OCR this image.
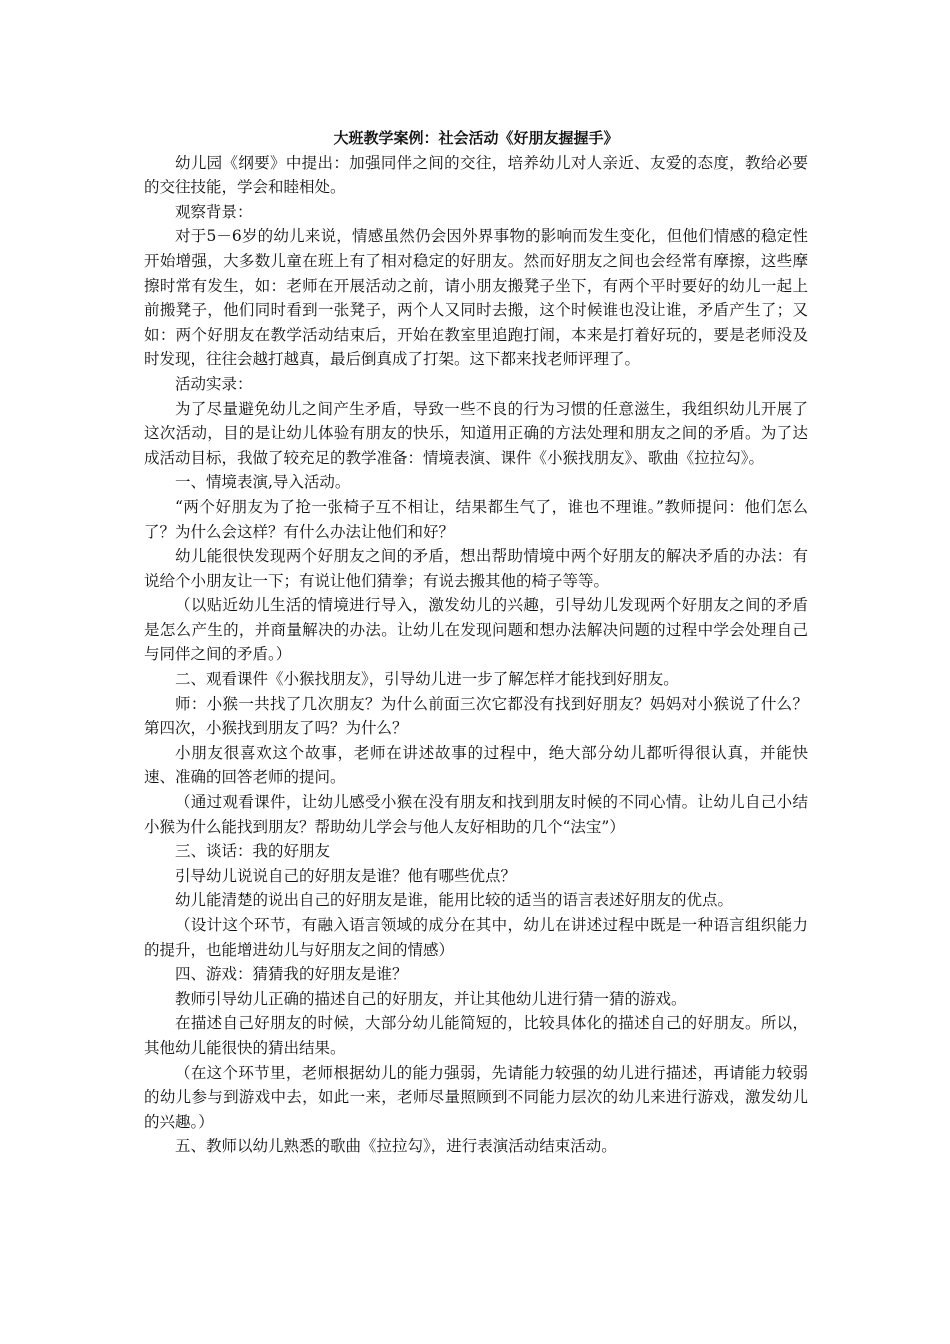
大班教学案例：社会活动《好朋友握握手》

幼儿园《纲要》中提出：加强同伴之间的交往，培养幼儿对人亲近、友爱的态度，教给必要的交往技能，学会和睦相处。

观察背景：

对于5－6岁的幼儿来说，情感虽然仍会因外界事物的影响而发生变化，但他们情感的稳定性开始增强，大多数儿童在班上有了相对稳定的好朋友。然而好朋友之间也会经常有摩擦，这些摩擦时常有发生，如：老师在开展活动之前，请小朋友搬凳子坐下，有两个平时要好的幼儿一起上前搬凳子，他们同时看到一张凳子，两个人又同时去搬，这个时候谁也没让谁，矛盾产生了；又如：两个好朋友在教学活动结束后，开始在教室里追跑打闹，本来是打着好玩的，要是老师没及时发现，往往会越打越真，最后倒真成了打架。这下都来找老师评理了。

活动实录：

为了尽量避免幼儿之间产生矛盾，导致一些不良的行为习惯的任意滋生，我组织幼儿开展了这次活动，目的是让幼儿体验有朋友的快乐，知道用正确的方法处理和朋友之间的矛盾。为了达成活动目标，我做了较充足的教学准备：情境表演、课件《小猴找朋友》、歌曲《拉拉勾》。

一、情境表演,导入活动。

“两个好朋友为了抢一张椅子互不相让，结果都生气了，谁也不理谁。”教师提问：他们怎么了？为什么会这样？有什么办法让他们和好？

幼儿能很快发现两个好朋友之间的矛盾，想出帮助情境中两个好朋友的解决矛盾的办法：有说给个小朋友让一下；有说让他们猜拳；有说去搬其他的椅子等等。

（以贴近幼儿生活的情境进行导入，激发幼儿的兴趣，引导幼儿发现两个好朋友之间的矛盾是怎么产生的，并商量解决的办法。让幼儿在发现问题和想办法解决问题的过程中学会处理自己与同伴之间的矛盾。）

二、观看课件《小猴找朋友》，引导幼儿进一步了解怎样才能找到好朋友。

师：小猴一共找了几次朋友？为什么前面三次它都没有找到好朋友？妈妈对小猴说了什么？第四次，小猴找到朋友了吗？为什么？

小朋友很喜欢这个故事，老师在讲述故事的过程中，绝大部分幼儿都听得很认真，并能快速、准确的回答老师的提问。

（通过观看课件，让幼儿感受小猴在没有朋友和找到朋友时候的不同心情。让幼儿自己小结小猴为什么能找到朋友？帮助幼儿学会与他人友好相助的几个“法宝”）

三、谈话：我的好朋友

引导幼儿说说自己的好朋友是谁？他有哪些优点？

幼儿能清楚的说出自己的好朋友是谁，能用比较的适当的语言表述好朋友的优点。

（设计这个环节，有融入语言领域的成分在其中，幼儿在讲述过程中既是一种语言组织能力的提升，也能增进幼儿与好朋友之间的情感）

四、游戏：猜猜我的好朋友是谁？

教师引导幼儿正确的描述自己的好朋友，并让其他幼儿进行猜一猜的游戏。

在描述自己好朋友的时候，大部分幼儿能简短的，比较具体化的描述自己的好朋友。所以，其他幼儿能很快的猜出结果。

（在这个环节里，老师根据幼儿的能力强弱，先请能力较强的幼儿进行描述，再请能力较弱的幼儿参与到游戏中去，如此一来，老师尽量照顾到不同能力层次的幼儿来进行游戏，激发幼儿的兴趣。）

五、教师以幼儿熟悉的歌曲《拉拉勾》，进行表演活动结束活动。
